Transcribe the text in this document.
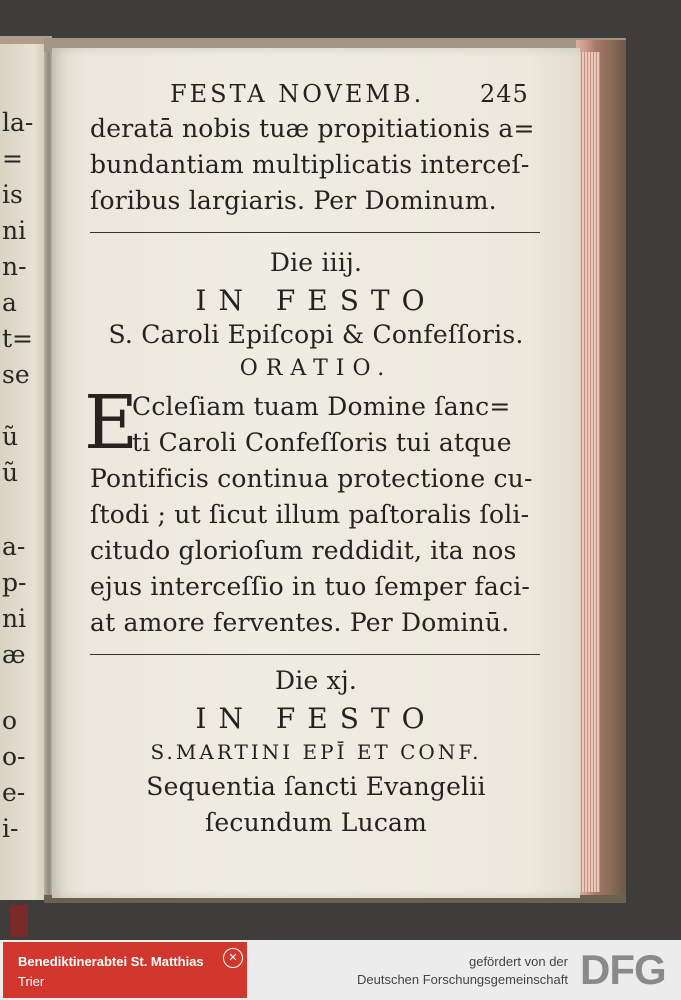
la-
=
is
ni
n-
a
t=
se
ũ
ũ
a-
p-
ni
æ
o
o-
e-
i-
FESTA NOVEMB. 245
deratā nobis tuæ propitiationis a=
bundantiam multiplicatis interceſ-
ſoribus largiaris. Per Dominum.
Die iiij.
IN FESTO
S. Caroli Epiſcopi & Confeſſoris.
ORATIO.
E
Ccleſiam tuam Domine ſanc=
ti Caroli Confeſſoris tui atque
Pontificis continua protectione cu-
ſtodi ; ut ſicut illum paſtoralis ſoli-
citudo glorioſum reddidit, ita nos
ejus interceſſio in tuo ſemper faci-
at amore ferventes. Per Dominū.
Die xj.
IN FESTO
S.MARTINI EPĪ ET CONF.
Sequentia ſancti Evangelii
ſecundum Lucam
Benediktinerabtei St. Matthias
Trier
✕	gefördert von der
Deutschen Forschungsgemeinschaft DFG
